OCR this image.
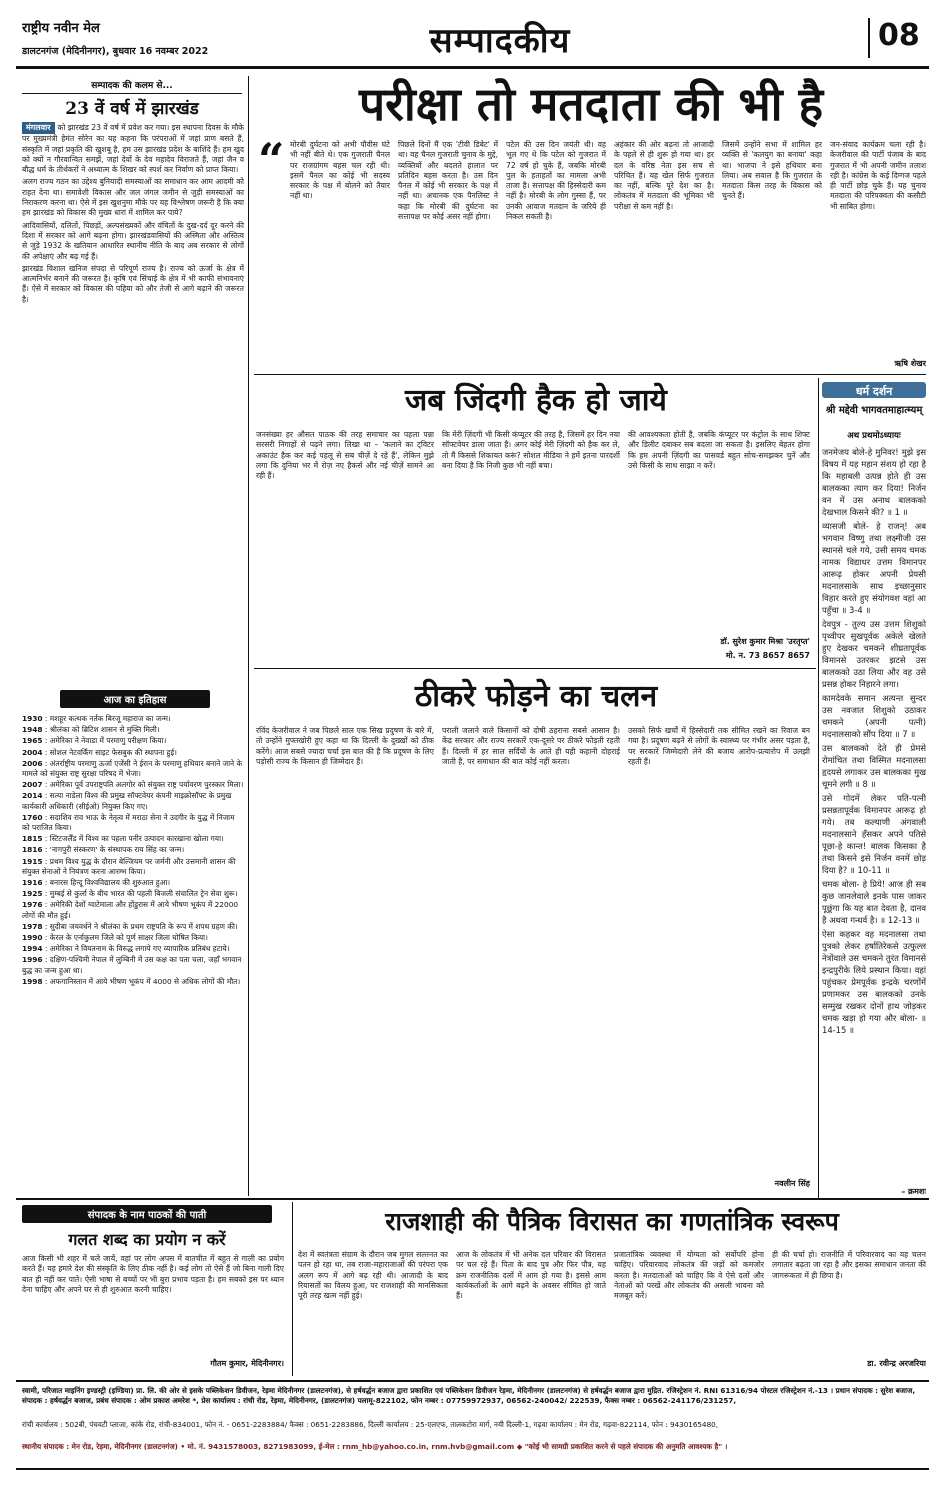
राष्ट्रीय नवीन मेल
डालटनगंज (मेदिनीनगर), बुधवार 16 नवम्बर 2022	सम्पादकीय	08
सम्पादक की कलम से...
23 वें वर्ष में झारखंड

मंगलवार को झारखंड 23 वें वर्ष में प्रवेश कर गया। इस स्थापना दिवस के मौके पर मुख्यमंत्री हेमंत सोरेन का यह कहना कि परंपराओं में जहां प्राण बसते हैं, संस्कृति में जहां प्रकृति की खुशबू है, हम उस झारखंड प्रदेश के बाशिंदे हैं। हम खुद को क्यों न गौरवान्वित समझें, जहां देवों के देव महादेव विराजते हैं, जहां जैन व बौद्ध धर्म के तीर्थकरों ने अध्यात्म के शिखर को स्पर्श कर निर्वाण को प्राप्त किया।

अलग राज्य गठन का उद्देश्य बुनियादी समस्याओं का समाधान कर आम आदमी को राहत देना था। समावेशी विकास और जल जंगल जमीन से जुड़ी समस्याओं का निराकरण करना था। ऐसे में इस खुशनुमा मौके पर यह विश्लेषण जरूरी है कि क्या हम झारखंड को विकास की मुख्य धारा में शामिल कर पाये?

आदिवासियों, दलितों, पिछड़ों, अल्पसंख्यकों और वंचितों के दुख-दर्द दूर करने की दिशा में सरकार को आगे बढ़ना होगा। झारखंडवासियों की अस्मिता और अस्तित्व से जुड़े 1932 के खतियान आधारित स्थानीय नीति के बाद अब सरकार से लोगों की अपेक्षाएं और बढ़ गई हैं।

झारखंड विशाल खनिज संपदा से परिपूर्ण राज्य है। राज्य को ऊर्जा के क्षेत्र में आत्मनिर्भर बनाने की जरूरत है। कृषि एवं सिंचाई के क्षेत्र में भी काफी संभावनाएं हैं। ऐसे में सरकार को विकास की पहिया को और तेजी से आगे बढ़ाने की जरूरत है।

आज का इतिहास
1930 : मशहूर कत्थक नर्तक बिरजू महाराज का जन्म।
1948 : श्रीलंका को ब्रिटिश शासन से मुक्ति मिली।
1965 : अमेरिका ने नेवाडा में परमाणु परीक्षण किया।
2004 : सोशल नेटवर्किंग साइट फेसबुक की स्थापना हुई।
2006 : अंतर्राष्ट्रीय परमाणु ऊर्जा एजेंसी ने ईरान के परमाणु हथियार बनाने जाने के मामले को संयुक्त राष्ट्र सुरक्षा परिषद में भेजा।
2007 : अमेरिका पूर्व उपराष्ट्रपति अलगोर को संयुक्त राष्ट्र पर्यावरण पुरस्कार मिला।
2014 : सत्या नाडेला विश्व की प्रमुख सॉफ्टवेयर कंपनी माइक्रोसॉफ्ट के प्रमुख कार्यकारी अधिकारी (सीईओ) नियुक्त किए गए।
1760 : सदाशिव राव भाऊ के नेतृत्व में मराठा सेना ने उदगीर के युद्ध में निजाम को पराजित किया।
1815 : स्टिटजर्लैंड में विश्व का पहला पनीर उत्पादन कारखाना खोला गया।
1816 : 'नागपुरी संस्करण' के संस्थापक राय सिंह का जन्म।
1915 : प्रथम विश्व युद्ध के दौरान बेल्जियम पर जर्मनी और उत्तमानी शासन की संयुक्त सेनाओं ने नियंत्रण करना आरम्भ किया।
1916 : बनारस हिन्दू विश्वविद्यालय की शुरुआत हुआ।
1925 : मुम्बई से कुर्ला के बीच भारत की पहली बिजली संचालित ट्रेन सेवा शुरू।
1976 : अमेरिकी देशों ग्वाटेमाला और होंडुरास में आये भीषण भूकंप में 22000 लोगों की मौत हुई।
1978 : सुदीबा जयवर्धने ने श्रीलंका के प्रथम राष्ट्रपति के रूप में शपथ ग्रहण की।
1990 : केरल के एर्नाकुलम जिले को पूर्ण साक्षर जिला घोषित किया।
1994 : अमेरिका ने वियतनाम के विरुद्ध लगाये गए व्यापारिक प्रतिबंध हटाये।
1996 : दक्षिण-पश्चिमी नेपाल में लुम्बिनी में उस कक्ष का पता चला, जहाँ भगवान बुद्ध का जन्म हुआ था।
1998 : अफगानिस्तान में आये भीषण भूकंप में 4000 से अधिक लोगों की मौत।
परीक्षा तो मतदाता की भी है
“ मोरबी दुर्घटना को अभी पौवीस घंटे भी नहीं बीते थे। एक गुजराती चैनल पर राजग्रांगम बहस चल रही थी। इसमें पैनल का कोई भी सदस्य सरकार के पक्ष में बोलने को तैयार नहीं था।
पिछले दिनों मैं एक 'टीवी डिबेट' में था। वह चैनल गुजराती चुनाव के मुद्दे, व्यक्तियों और बदलते हालात पर प्रतिदिन बहस करता है। उस दिन पैनल में कोई भी सरकार के पक्ष में नहीं था। अचानक एक पैनलिस्ट ने कहा कि मोरबी की दुर्घटना का सत्तापक्ष पर कोई असर नहीं होगा।
पटेल की उस दिन जयंती थी। वह भूल गए थे कि पटेल को गुजरात में 72 वर्ष हो चुके हैं, जबकि मोरबी पुल के हताहतों का मामला अभी ताजा है। सत्तापक्ष की हिस्सेदारी कम नहीं है। मोरबी के लोग गुस्सा हैं, पर उनकी आवाज मतदान के जरिये ही निकल सकती है।
अहंकार की ओर बढ़ना तो आजादी के पहले से ही शुरू हो गया था। हर दल के वरिष्ठ नेता इस सच से परिचित हैं। यह खेल सिर्फ गुजरात का नहीं, बल्कि पूरे देश का है। लोकतंत्र में मतदाता की भूमिका भी परीक्षा से कम नहीं है।
जिसमें उन्होंने सभा में शामिल हर व्यक्ति से 'कलयुग का बनाया' कहा था। भाजपा ने इसे हथियार बना लिया। अब सवाल है कि गुजरात के मतदाता किस तरह के विकास को चुनते हैं।
जन-संवाद कार्यक्रम चला रही है। केजरीवाल की पार्टी पंजाब के बाद गुजरात में भी अपनी जमीन तलाश रही है। कांग्रेस के कई दिग्गज पहले ही पार्टी छोड़ चुके हैं। यह चुनाव मतदाता की परिपक्वता की कसौटी भी साबित होगा।
ऋषि शेखर
जब जिंदगी हैक हो जाये
जनसंख्या हर औसत पाठक की तरह समाचार का पहला पन्ना सरसरी निगाहों से पढ़ने लगा। लिखा था – 'कलाने का ट्विटर अकाउंट हैक कर कई पहलू से सब चीज़ें दे रहे हैं', लेकिन मुझे लगा कि दुनिया भर में रोज़ नए हैकर्स और नई चीज़ें सामने आ रही हैं।
कि मेरी ज़िंदगी भी किसी कंप्यूटर की तरह है, जिसमें हर दिन नया सॉफ्टवेयर डाला जाता है। अगर कोई मेरी ज़िंदगी को हैक कर ले, तो मैं किससे शिकायत करूं? सोशल मीडिया ने हमें इतना पारदर्शी बना दिया है कि निजी कुछ भी नहीं बचा।
की आवश्यकता होती है, जबकि कंप्यूटर पर कंट्रोल के साथ शिफ्ट और डिलीट दबाकर सब बदला जा सकता है। इसलिए बेहतर होगा कि हम अपनी ज़िंदगी का पासवर्ड बहुत सोच-समझकर चुनें और उसे किसी के साथ साझा न करें।
डॉ. सुरेश कुमार मिश्रा 'उरतृप्त'
मो. न. 73 8657 8657
धर्म दर्शन
श्री मद्देवी भागवतमाहात्म्यम्
अथ प्रथमोऽध्यायः

जनमेजय बोले-हे मुनिवर! मुझे इस विषय में यह महान संशय हो रहा है कि महाबली उत्पन्न होते ही उस बालकका त्याग कर दिया! निर्जन वन में उस अनाथ बालकको देखभाल किसने की? ॥ 1 ॥

व्यासजी बोले- हे राजन्! अब भगवान विष्णु तथा लक्ष्मीजी उस स्थानसे चले गये, उसी समय चमक नामक विद्याधर उत्तम विमानपर आरूढ़ होकर अपनी प्रेयसी मदनालसाके साथ इच्छानुसार विहार करते हुए संयोगवश वहां आ पहुँचा ॥ 3-4 ॥

देवपुत्र - तुल्य उस उत्तम शिशुको पृथ्वीपर सुखपूर्वक अकेले खेलते हुए देखकर चमकने शीघ्रतापूर्वक विमानसे उतरकर झटसे उस बालकको उठा लिया और वह उसे प्रसन्न होकर निहारने लगा।

कामदेवके समान अत्यन्त सुन्दर उस नवजात शिशुको उठाकर चमकने (अपनी पत्नी) मदनालसाको सौंप दिया ॥ 7 ॥

उस बालकको देते ही प्रेमसे रोमांचित तथा विस्मित मदनालसा हृदयसे लगाकर उस बालकका मुख चूमने लगी ॥ 8 ॥

उसे गोदमें लेकर पति-पत्नी प्रसन्नतापूर्वक विमानपर आरूढ़ हो गये। तब कल्याणी अंगवाली मदनालसाने हँसकर अपने पतिसे पूछा-हे कान्त! बालक किसका है तथा किसने इसे निर्जन वनमें छोड़ दिया है? ॥ 10-11 ॥

चमक बोला- हे प्रिये! आज ही सब कुछ जानलेवाले इनके पास जाकर पूछूंगा कि यह बात देवता है, दानव है अथवा गन्धर्व है। ॥ 12-13 ॥

ऐसा कहकर वह मदनालसा तथा पुत्रको लेकर हर्षातिरेकसे उत्फुल्ल नेत्रोंवाले उस चमकने तुरंत विमानसे इन्द्रपुरीके लिये प्रस्थान किया। वहां पहुंचकर प्रेमपूर्वक इन्द्रके चरणोंमें प्रणामकर उस बालकको उनके सम्मुख रखकर दोनों हाथ जोड़कर चमक खड़ा हो गया और बोला- ॥ 14-15 ॥

– क्रमशः
ठीकरे फोड़ने का चलन
रविंद केजरीवाल ने जब पिछले साल एक सिख प्रदुषण के बारे में, तो उन्होंने मुफ्तखोरी हुए कहा था कि दिल्ली के दुख्खों को ठीक करेंगे। आज सबसे ज्यादा चर्चा इस बात की है कि प्रदूषण के लिए पड़ोसी राज्य के किसान ही जिम्मेदार हैं।
पराली जलाने वाले किसानों को दोषी ठहराना सबसे आसान है। केंद्र सरकार और राज्य सरकारें एक-दूसरे पर ठीकरे फोड़ती रहती हैं। दिल्ली में हर साल सर्दियों के आते ही यही कहानी दोहराई जाती है, पर समाधान की बात कोई नहीं करता।
उसको सिर्फ खर्चों में हिस्सेदारी तक सीमित रखने का रिवाज बन गया है। प्रदूषण बढ़ने से लोगों के स्वास्थ्य पर गंभीर असर पड़ता है, पर सरकारें जिम्मेदारी लेने की बजाय आरोप-प्रत्यारोप में उलझी रहती हैं।
नवलीन सिंह
संपादक के नाम पाठकों की पाती
गलत शब्द का प्रयोग न करें
आज किसी भी शहर में चले जायें, वहां पर लोग अपस में बातचीत में बहुत से गाली का प्रयोग करते हैं। यह हमारे देश की संस्कृति के लिए ठीक नहीं है। कई लोग तो ऐसे हैं जो बिना गाली दिए बात ही नहीं कर पाते। ऐसी भाषा से बच्चों पर भी बुरा प्रभाव पड़ता है। हम सबको इस पर ध्यान देना चाहिए और अपने घर से ही शुरुआत करनी चाहिए।
गौतम कुमार, मेदिनीनगर।
राजशाही की पैत्रिक विरासत का गणतांत्रिक स्वरूप
देश में स्वतंत्रता संग्राम के दौरान जब मुगल सल्तनत का पतन हो रहा था, तब राजा-महाराजाओं की परंपरा एक अलग रूप में आगे बढ़ रही थी। आजादी के बाद रियासतों का विलय हुआ, पर राजशाही की मानसिकता पूरी तरह खत्म नहीं हुई।
आज के लोकतंत्र में भी अनेक दल परिवार की विरासत पर चल रहे हैं। पिता के बाद पुत्र और फिर पौत्र, यह क्रम राजनीतिक दलों में आम हो गया है। इससे आम कार्यकर्ताओं के आगे बढ़ने के अवसर सीमित हो जाते हैं।
प्रजातांत्रिक व्यवस्था में योग्यता को सर्वोपरि होना चाहिए। परिवारवाद लोकतंत्र की जड़ों को कमजोर करता है। मतदाताओं को चाहिए कि वे ऐसे दलों और नेताओं को परखें और लोकतंत्र की असली भावना को मजबूत करें।
ही की चर्चा हो। राजनीति में परिवारवाद का यह चलन लगातार बढ़ता जा रहा है और इसका समाधान जनता की जागरूकता में ही छिपा है।
डा. रवीन्द्र अरजरिया
स्वामी, परिजात माइनिंग इण्डस्ट्री (इण्डिया) प्रा. लि. की ओर से इसके पब्लिकेशन डिवीजन, रेड़मा मेदिनीनगर (डालटनगंज), से हर्षवर्द्धन बजाज द्वारा प्रकाशित एवं पब्लिकेशन डिवीजन रेड़मा, मेदिनीनगर (डालटनगंज) से हर्षवर्द्धन बजाज द्वारा मुद्रित. रजिस्ट्रेशन नं. RNI 61316/94 पोस्टल रजिस्ट्रेशन नं.-13 । प्रधान संपादक : सुरेश बजाज, संपादक : हर्षवर्द्धन बजाज, प्रबंध संपादक : ओम प्रकाश अमरेश *, प्रेस कार्यालय : रांची रोड, रेड़मा, मेदिनीनगर, (डालटनगंज) पलामू-822102, फोन नम्बर : 07759972937, 06562-240042/ 222539, फैक्स नम्बर : 06562-241176/231257,
रांची कार्यालय : 502बी, पंचवटी प्लाजा, कांके रोड, रांची-834001, फोन नं. - 0651-2283884/ फैक्स : 0651-2283886, दिल्ली कार्यालय : 25-एलएफ, तालकटोरा मार्ग, नयी दिल्ली-1, गढ़वा कार्यालय : मेन रोड, गढ़वा-822114, फोन : 9430165480,
स्थानीय संपादक : मेन रोड, रेड़मा, मेदिनीनगर (डालटनगंज) • मो. नं. 9431578003, 8271983099, ई-मेल : rnm_hb@yahoo.co.in, rnm.hvb@gmail.com ◆ "कोई भी सामग्री प्रकाशित करने से पहले संपादक की अनुमति आवश्यक है" ।
